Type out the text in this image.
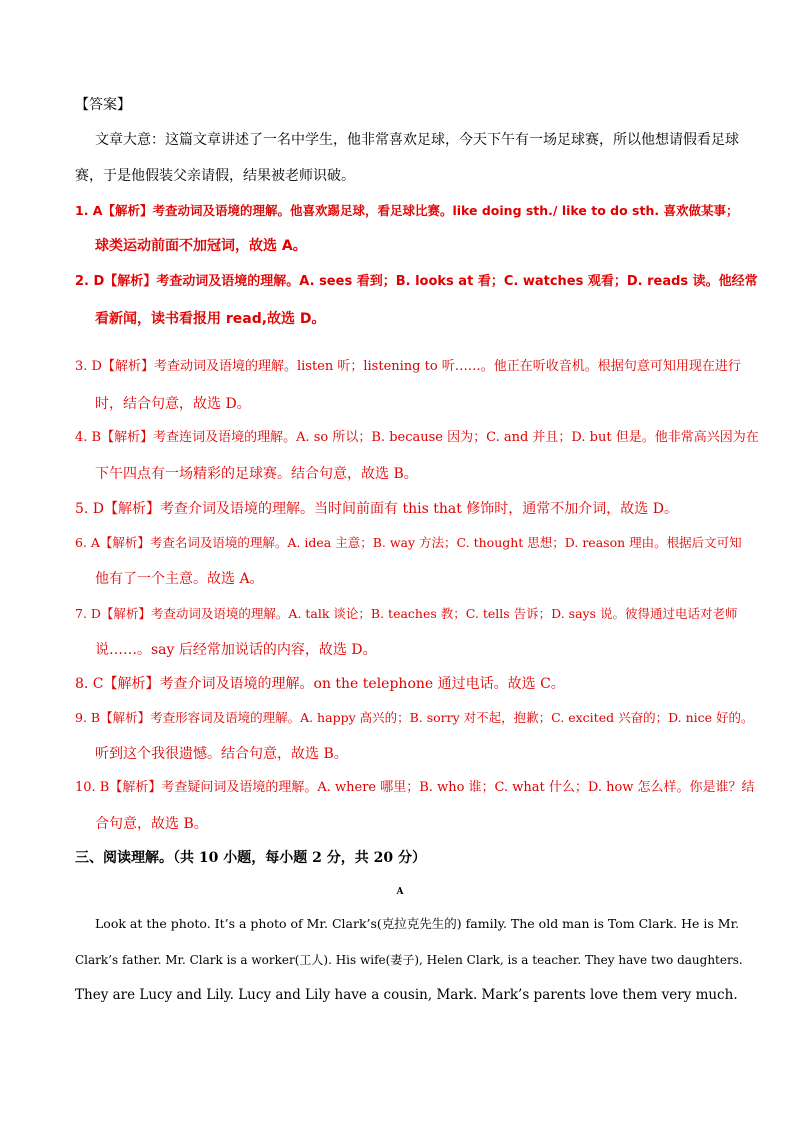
【答案】
文章大意：这篇文章讲述了一名中学生，他非常喜欢足球，今天下午有一场足球赛，所以他想请假看足球
赛，于是他假装父亲请假，结果被老师识破。
1. A【解析】考查动词及语境的理解。他喜欢踢足球，看足球比赛。like doing sth./ like to do sth. 喜欢做某事；
球类运动前面不加冠词，故选 A。
2. D【解析】考查动词及语境的理解。A. sees 看到；B. looks at 看；C. watches 观看；D. reads 读。他经常
看新闻，读书看报用 read,故选 D。
3. D【解析】考查动词及语境的理解。listen 听；listening to 听……。他正在听收音机。根据句意可知用现在进行
时，结合句意，故选 D。
4. B【解析】考查连词及语境的理解。A. so 所以；B. because 因为；C. and 并且；D. but 但是。他非常高兴因为在
下午四点有一场精彩的足球赛。结合句意，故选 B。
5. D【解析】考查介词及语境的理解。当时间前面有 this that 修饰时，通常不加介词，故选 D。
6. A【解析】考查名词及语境的理解。A. idea 主意；B. way 方法；C. thought 思想；D. reason 理由。根据后文可知
他有了一个主意。故选 A。
7. D【解析】考查动词及语境的理解。A. talk 谈论；B. teaches 教；C. tells 告诉；D. says 说。彼得通过电话对老师
说……。say 后经常加说话的内容，故选 D。
8. C【解析】考查介词及语境的理解。on the telephone 通过电话。故选 C。
9. B【解析】考查形容词及语境的理解。A. happy 高兴的；B. sorry 对不起，抱歉；C. excited 兴奋的；D. nice 好的。
听到这个我很遗憾。结合句意，故选 B。
10. B【解析】考查疑问词及语境的理解。A. where 哪里；B. who 谁；C. what 什么；D. how 怎么样。你是谁？结
合句意，故选 B。
三、阅读理解。（共 10 小题，每小题 2 分，共 20 分）
A
Look at the photo. It’s a photo of Mr. Clark’s(克拉克先生的) family. The old man is Tom Clark. He is Mr.
Clark’s father. Mr. Clark is a worker(工人). His wife(妻子), Helen Clark, is a teacher. They have two daughters.
They are Lucy and Lily. Lucy and Lily have a cousin, Mark. Mark’s parents love them very much.
